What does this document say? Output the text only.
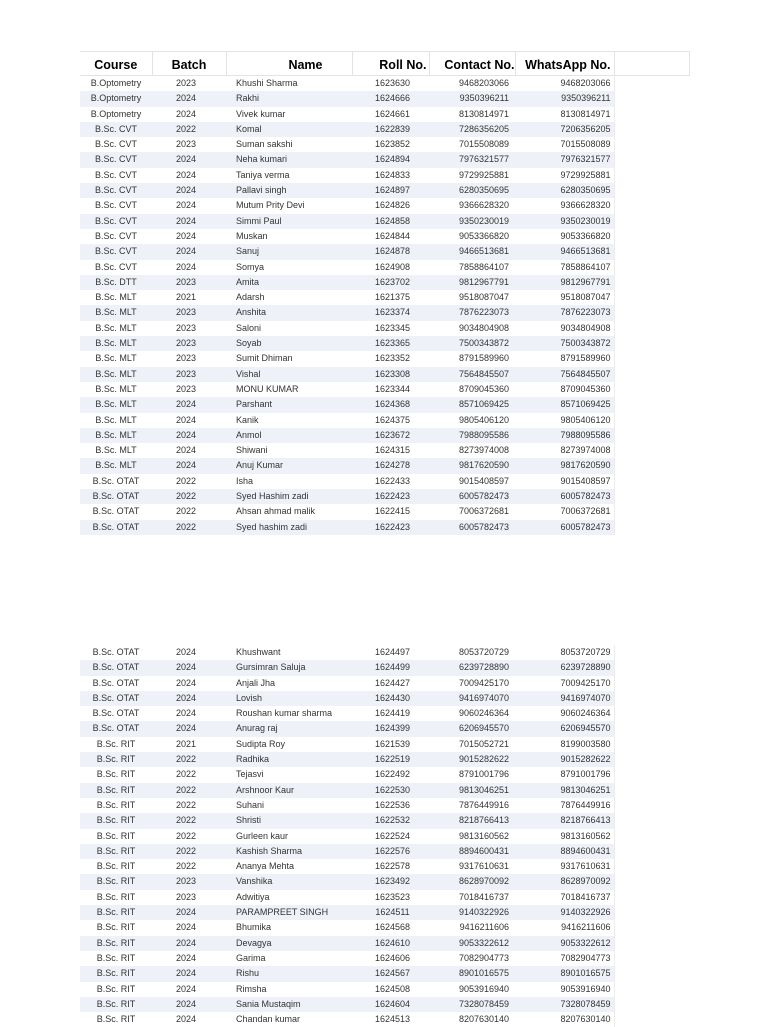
Course	Batch	Name	Roll No.	Contact No.	WhatsApp No.	
B.Optometry	2023	Khushi Sharma	1623630	9468203066	9468203066	
B.Optometry	2024	Rakhi	1624666	9350396211	9350396211	
B.Optometry	2024	Vivek kumar	1624661	8130814971	8130814971	
B.Sc. CVT	2022	Komal	1622839	7286356205	7206356205	
B.Sc. CVT	2023	Suman sakshi	1623852	7015508089	7015508089	
B.Sc. CVT	2024	Neha kumari	1624894	7976321577	7976321577	
B.Sc. CVT	2024	Taniya verma	1624833	9729925881	9729925881	
B.Sc. CVT	2024	Pallavi singh	1624897	6280350695	6280350695	
B.Sc. CVT	2024	Mutum Prity Devi	1624826	9366628320	9366628320	
B.Sc. CVT	2024	Simmi Paul	1624858	9350230019	9350230019	
B.Sc. CVT	2024	Muskan	1624844	9053366820	9053366820	
B.Sc. CVT	2024	Sanuj	1624878	9466513681	9466513681	
B.Sc. CVT	2024	Somya	1624908	7858864107	7858864107	
B.Sc. DTT	2023	Amita	1623702	9812967791	9812967791	
B.Sc. MLT	2021	Adarsh	1621375	9518087047	9518087047	
B.Sc. MLT	2023	Anshita	1623374	7876223073	7876223073	
B.Sc. MLT	2023	Saloni	1623345	9034804908	9034804908	
B.Sc. MLT	2023	Soyab	1623365	7500343872	7500343872	
B.Sc. MLT	2023	Sumit Dhiman	1623352	8791589960	8791589960	
B.Sc. MLT	2023	Vishal	1623308	7564845507	7564845507	
B.Sc. MLT	2023	MONU KUMAR	1623344	8709045360	8709045360	
B.Sc. MLT	2024	Parshant	1624368	8571069425	8571069425	
B.Sc. MLT	2024	Kanik	1624375	9805406120	9805406120	
B.Sc. MLT	2024	Anmol	1623672	7988095586	7988095586	
B.Sc. MLT	2024	Shiwani	1624315	8273974008	8273974008	
B.Sc. MLT	2024	Anuj Kumar	1624278	9817620590	9817620590	
B.Sc. OTAT	2022	Isha	1622433	9015408597	9015408597	
B.Sc. OTAT	2022	Syed Hashim zadi	1622423	6005782473	6005782473	
B.Sc. OTAT	2022	Ahsan ahmad malik	1622415	7006372681	7006372681	
B.Sc. OTAT	2022	Syed hashim zadi	1622423	6005782473	6005782473	
B.Sc. OTAT	2024	Khushwant	1624497	8053720729	8053720729	
B.Sc. OTAT	2024	Gursimran Saluja	1624499	6239728890	6239728890	
B.Sc. OTAT	2024	Anjali Jha	1624427	7009425170	7009425170	
B.Sc. OTAT	2024	Lovish	1624430	9416974070	9416974070	
B.Sc. OTAT	2024	Roushan kumar sharma	1624419	9060246364	9060246364	
B.Sc. OTAT	2024	Anurag raj	1624399	6206945570	6206945570	
B.Sc. RIT	2021	Sudipta Roy	1621539	7015052721	8199003580	
B.Sc. RIT	2022	Radhika	1622519	9015282622	9015282622	
B.Sc. RIT	2022	Tejasvi	1622492	8791001796	8791001796	
B.Sc. RIT	2022	Arshnoor Kaur	1622530	9813046251	9813046251	
B.Sc. RIT	2022	Suhani	1622536	7876449916	7876449916	
B.Sc. RIT	2022	Shristi	1622532	8218766413	8218766413	
B.Sc. RIT	2022	Gurleen kaur	1622524	9813160562	9813160562	
B.Sc. RIT	2022	Kashish Sharma	1622576	8894600431	8894600431	
B.Sc. RIT	2022	Ananya Mehta	1622578	9317610631	9317610631	
B.Sc. RIT	2023	Vanshika	1623492	8628970092	8628970092	
B.Sc. RIT	2023	Adwitiya	1623523	7018416737	7018416737	
B.Sc. RIT	2024	PARAMPREET SINGH	1624511	9140322926	9140322926	
B.Sc. RIT	2024	Bhumika	1624568	9416211606	9416211606	
B.Sc. RIT	2024	Devagya	1624610	9053322612	9053322612	
B.Sc. RIT	2024	Garima	1624606	7082904773	7082904773	
B.Sc. RIT	2024	Rishu	1624567	8901016575	8901016575	
B.Sc. RIT	2024	Rimsha	1624508	9053916940	9053916940	
B.Sc. RIT	2024	Sania Mustaqim	1624604	7328078459	7328078459	
B.Sc. RIT	2024	Chandan kumar	1624513	8207630140	8207630140	
